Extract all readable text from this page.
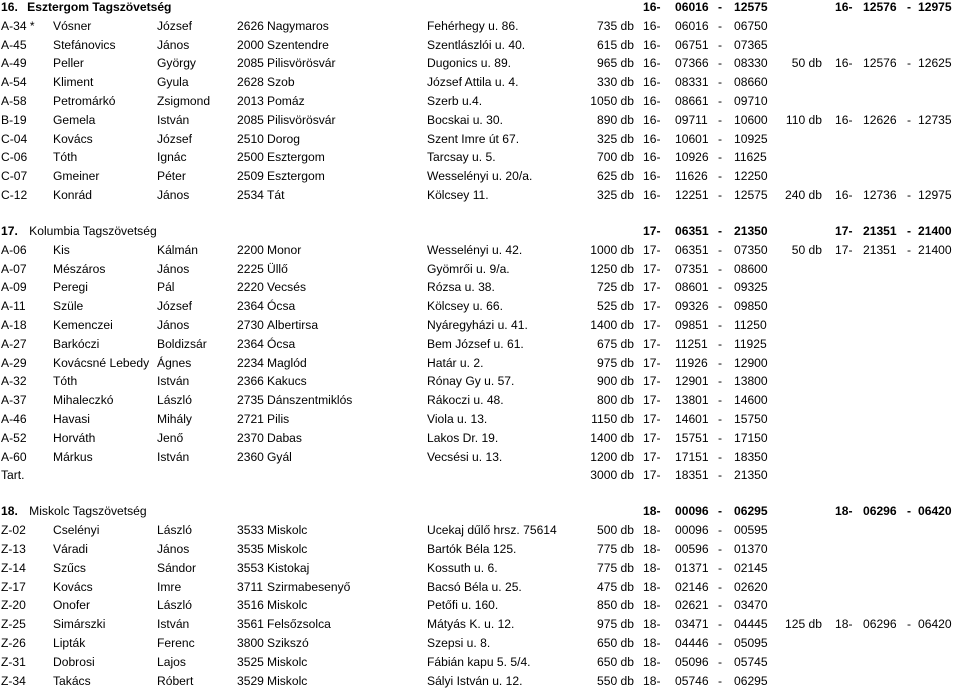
16. Esztergom Tagszövetség	16- 06016 - 12575	16- 12576 - 12975
A-34 * Vósner	József	2626 Nagymaros	Fehérhegy u. 86.	735 db 16- 06016 - 06750
A-45 Stefánovics	János	2000 Szentendre	Szentlászlói u. 40.	615 db 16- 06751 - 07365
A-49 Peller	György	2085 Pilisvörösvár	Dugonics u. 89.	965 db 16- 07366 - 08330 50 db 16- 12576 - 12625
A-54 Kliment	Gyula	2628 Szob	József Attila u. 4.	330 db 16- 08331 - 08660
A-58 Petromárkó	Zsigmond 2013 Pomáz	Szerb u.4.	1050 db 16- 08661 - 09710
B-19 Gemela	István	2085 Pilisvörösvár	Bocskai u. 30.	890 db 16- 09711 - 10600 110 db 16- 12626 - 12735
C-04 Kovács	József	2510 Dorog	Szent Imre út 67.	325 db 16- 10601 - 10925
C-06 Tóth	Ignác	2500 Esztergom	Tarcsay u. 5.	700 db 16- 10926 - 11625
C-07 Gmeiner	Péter	2509 Esztergom	Wesselényi u. 20/a.	625 db 16- 11626 - 12250
C-12 Konrád	János	2534 Tát	Kölcsey 11.	325 db 16- 12251 - 12575 240 db 16- 12736 - 12975
17. Kolumbia Tagszövetség	17- 06351 - 21350	17- 21351 - 21400
A-06 Kis	Kálmán	2200 Monor	Wesselényi u. 42.	1000 db 17- 06351 - 07350 50 db 17- 21351 - 21400
A-07 Mészáros	János	2225 Üllő	Gyömrői u. 9/a.	1250 db 17- 07351 - 08600
A-09 Peregi	Pál	2220 Vecsés	Rózsa u. 38.	725 db 17- 08601 - 09325
A-11 Szüle	József	2364 Ócsa	Kölcsey u. 66.	525 db 17- 09326 - 09850
A-18 Kemenczei	János	2730 Albertirsa	Nyáregyházi u. 41.	1400 db 17- 09851 - 11250
A-27 Barkóczi	Boldizsár	2364 Ócsa	Bem József u. 61.	675 db 17- 11251 - 11925
A-29 Kovácsné Lebedy Ágnes	2234 Maglód	Határ u. 2.	975 db 17- 11926 - 12900
A-32 Tóth	István	2366 Kakucs	Rónay Gy u. 57.	900 db 17- 12901 - 13800
A-37 Mihaleczkó	László	2735 Dánszentmiklós	Rákoczi u. 48.	800 db 17- 13801 - 14600
A-46 Havasi	Mihály	2721 Pilis	Viola u. 13.	1150 db 17- 14601 - 15750
A-52 Horváth	Jenő	2370 Dabas	Lakos Dr. 19.	1400 db 17- 15751 - 17150
A-60 Márkus	István	2360 Gyál	Vecsési u. 13.	1200 db 17- 17151 - 18350
Tart.	3000 db 17- 18351 - 21350
18. Miskolc Tagszövetség	18- 00096 - 06295	18- 06296 - 06420
Z-02 Cselényi	László	3533 Miskolc	Ucekaj dűlő hrsz. 75614	500 db 18- 00096 - 00595
Z-13 Váradi	János	3535 Miskolc	Bartók Béla 125.	775 db 18- 00596 - 01370
Z-14 Szűcs	Sándor	3553 Kistokaj	Kossuth u. 6.	775 db 18- 01371 - 02145
Z-17 Kovács	Imre	3711 Szirmabesenyő	Bacsó Béla u. 25.	475 db 18- 02146 - 02620
Z-20 Onofer	László	3516 Miskolc	Petőfi u. 160.	850 db 18- 02621 - 03470
Z-25 Simárszki	István	3561 Felsőzsolca	Mátyás K. u. 12.	975 db 18- 03471 - 04445 125 db 18- 06296 - 06420
Z-26 Lipták	Ferenc	3800 Szikszó	Szepsi u. 8.	650 db 18- 04446 - 05095
Z-31 Dobrosi	Lajos	3525 Miskolc	Fábián kapu 5. 5/4.	650 db 18- 05096 - 05745
Z-34 Takács	Róbert	3529 Miskolc	Sályi István u. 12.	550 db 18- 05746 - 06295
